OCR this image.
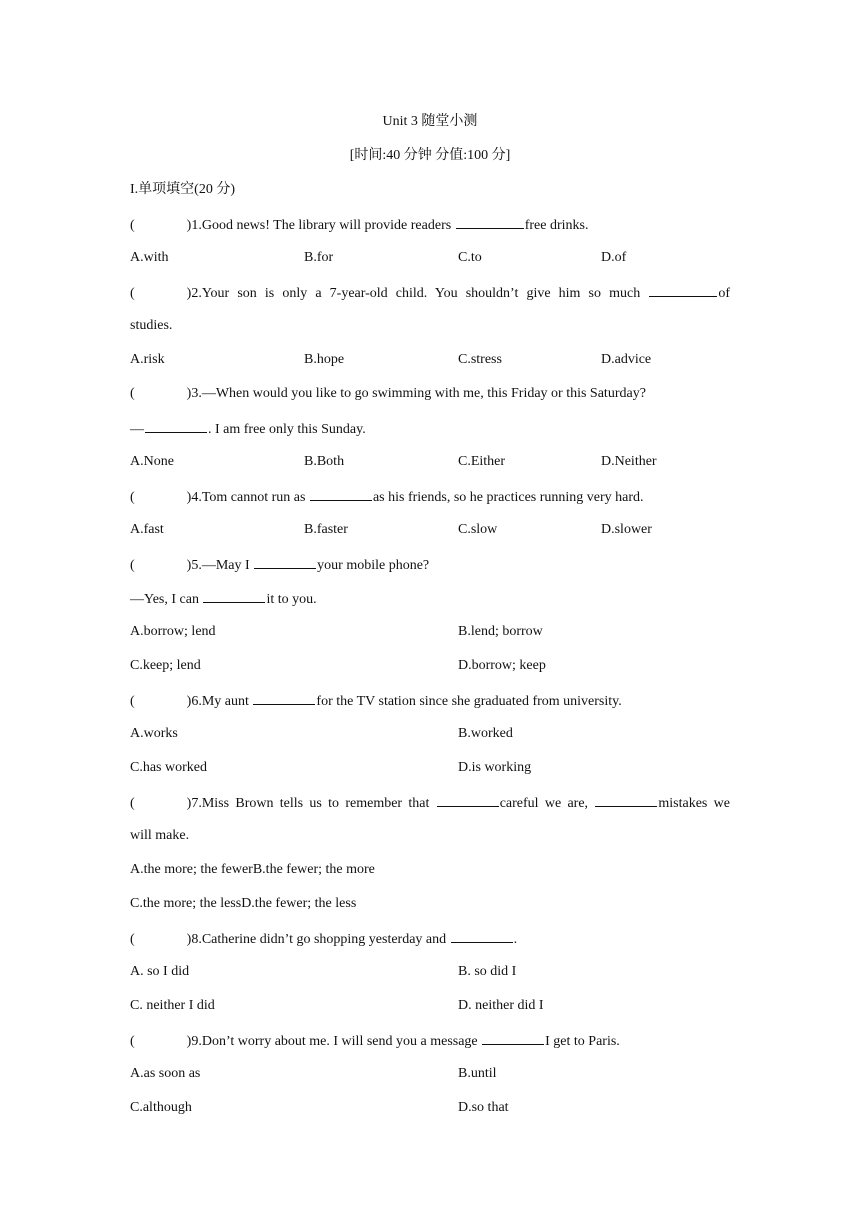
Unit 3 随堂小测
[时间:40 分钟 分值:100 分]
I.单项填空(20 分)
(	)1.Good news! The library will provide readers	free drinks.
A.with	B.for	C.to	D.of
(	)2.Your son is only a 7-year-old child. You shouldn’t give him so much	of
studies.
A.risk	B.hope	C.stress	D.advice
(	)3.—When would you like to go swimming with me, this Friday or this Saturday?
—	. I am free only this Sunday.
A.None	B.Both	C.Either	D.Neither
(	)4.Tom cannot run as	as his friends, so he practices running very hard.
A.fast	B.faster	C.slow	D.slower
(	)5.—May I	your mobile phone?
—Yes, I can	it to you.
A.borrow; lend	B.lend; borrow
C.keep; lend	D.borrow; keep
(	)6.My aunt	for the TV station since she graduated from university.
A.works	B.worked
C.has worked	D.is working
(	)7.Miss Brown tells us to remember that	careful we are,	mistakes we
will make.
A.the more; the fewerB.the fewer; the more
C.the more; the lessD.the fewer; the less
(	)8.Catherine didn’t go shopping yesterday and	.
A. so I did	B. so did I
C. neither I did	D. neither did I
(	)9.Don’t worry about me. I will send you a message	I get to Paris.
A.as soon as	B.until
C.although	D.so that
